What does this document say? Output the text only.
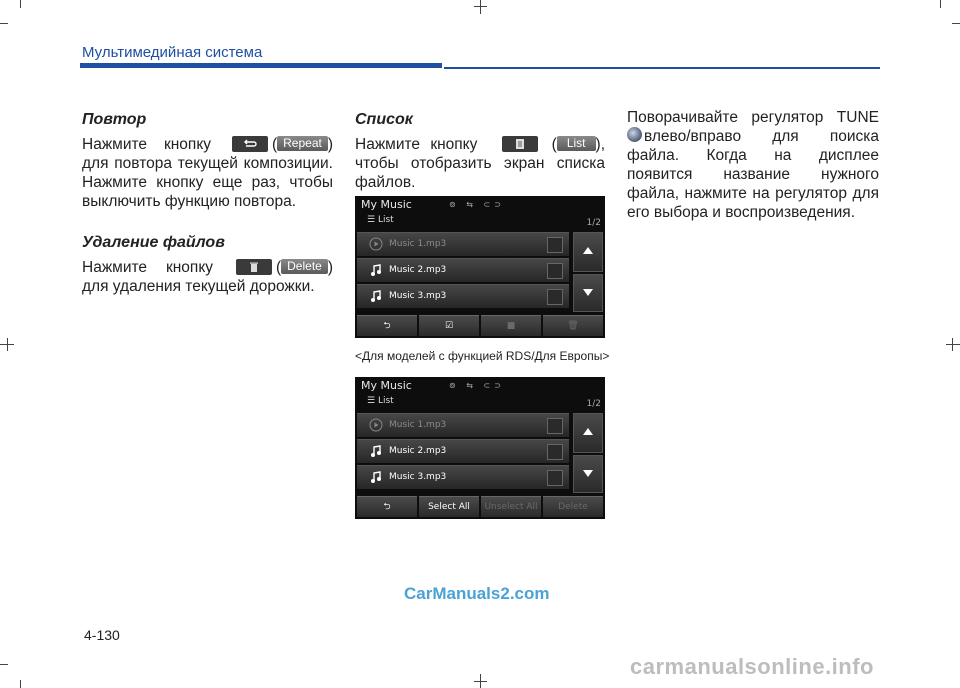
Мультимедийная система

Повтор

Нажмите кнопку	( Repeat ) для повтора текущей композиции. Нажмите кнопку еще раз, чтобы выключить функцию повтора.

Удаление файлов

Нажмите кнопку	( Delete ) для удаления текущей дорожки.

Список

Нажмите кнопку	( List ), чтобы отобразить экран списка файлов.

My Music	⊚ ⇆ ⊂⊃
☰ List	1/2
Music 1.mp3
Music 2.mp3
Music 3.mp3
⮌	☑	■	🗑
<Для моделей с функцией RDS/Для Европы>
My Music	⊚ ⇆ ⊂⊃
☰ List	1/2
Music 1.mp3
Music 2.mp3
Music 3.mp3
⮌	Select All	Unselect All	Delete

Поворачивайте регулятор TUNE

влево/вправо для поиска

файла. Когда на дисплее появится название нужного файла, нажмите на регулятор для его выбора и воспроизведения.

CarManuals2.com
4-130
carmanualsonline.info
